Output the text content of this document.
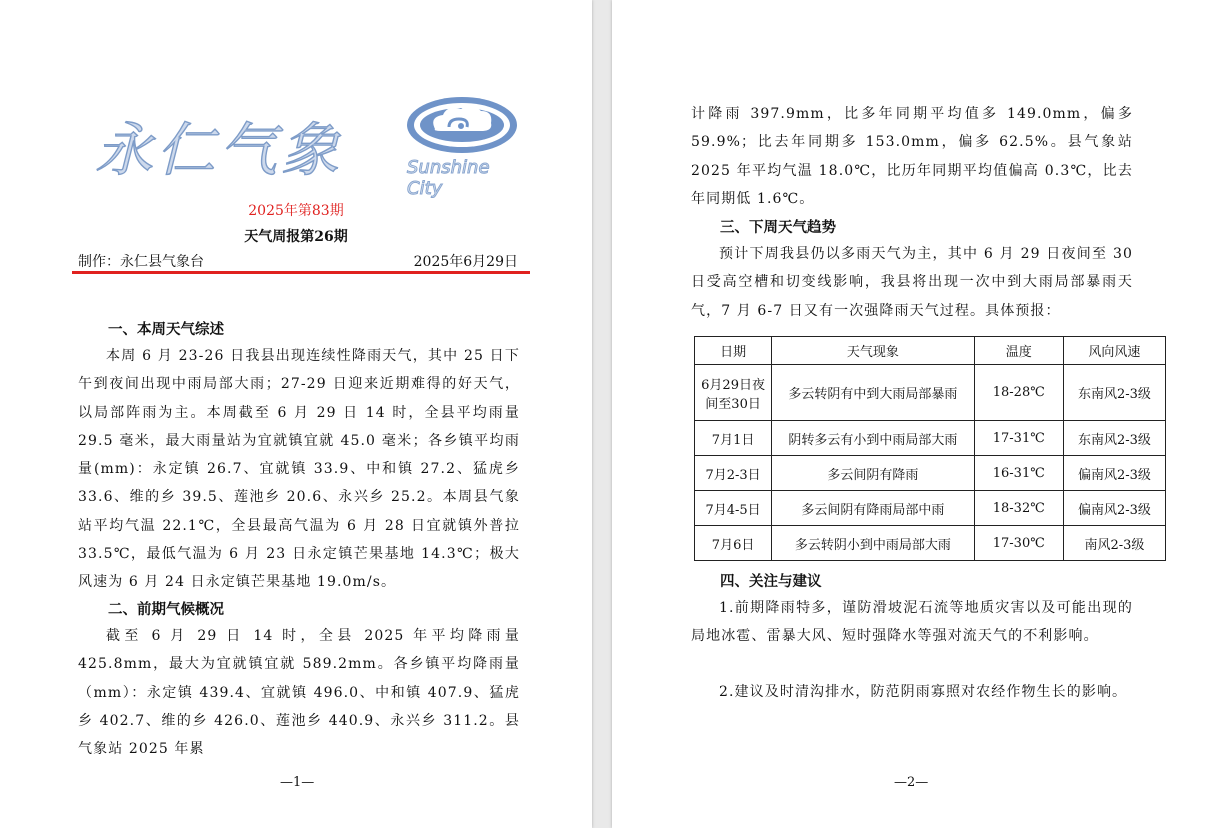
永仁气象	Sunshine City
2025年第83期
天气周报第26期
制作：永仁县气象台	2025年6月29日
一、本周天气综述
本周 6 月 23-26 日我县出现连续性降雨天气，其中 25 日下午到夜间出现中雨局部大雨；27-29 日迎来近期难得的好天气，以局部阵雨为主。本周截至 6 月 29 日 14 时，全县平均雨量 29.5 毫米，最大雨量站为宜就镇宜就 45.0 毫米；各乡镇平均雨量(mm)：永定镇 26.7、宜就镇 33.9、中和镇 27.2、猛虎乡 33.6、维的乡 39.5、莲池乡 20.6、永兴乡 25.2。本周县气象站平均气温 22.1℃，全县最高气温为 6 月 28 日宜就镇外普拉 33.5℃，最低气温为 6 月 23 日永定镇芒果基地 14.3℃；极大风速为 6 月 24 日永定镇芒果基地 19.0m/s。
二、前期气候概况
截至 6 月 29 日 14 时，全县 2025 年平均降雨量 425.8mm，最大为宜就镇宜就 589.2mm。各乡镇平均降雨量（mm）：永定镇 439.4、宜就镇 496.0、中和镇 407.9、猛虎乡 402.7、维的乡 426.0、莲池乡 440.9、永兴乡 311.2。县气象站 2025 年累
—1—
计降雨 397.9mm，比多年同期平均值多 149.0mm，偏多 59.9%；比去年同期多 153.0mm，偏多 62.5%。县气象站 2025 年平均气温 18.0℃，比历年同期平均值偏高 0.3℃，比去年同期低 1.6℃。
三、下周天气趋势
预计下周我县仍以多雨天气为主，其中 6 月 29 日夜间至 30 日受高空槽和切变线影响，我县将出现一次中到大雨局部暴雨天气，7 月 6-7 日又有一次强降雨天气过程。具体预报：
日期	天气现象	温度	风向风速
6月29日夜间至30日	多云转阴有中到大雨局部暴雨	18-28℃	东南风2-3级
7月1日	阴转多云有小到中雨局部大雨	17-31℃	东南风2-3级
7月2-3日	多云间阴有降雨	16-31℃	偏南风2-3级
7月4-5日	多云间阴有降雨局部中雨	18-32℃	偏南风2-3级
7月6日	多云转阴小到中雨局部大雨	17-30℃	南风2-3级
四、关注与建议
1.前期降雨特多，谨防滑坡泥石流等地质灾害以及可能出现的局地冰雹、雷暴大风、短时强降水等强对流天气的不利影响。
2.建议及时清沟排水，防范阴雨寡照对农经作物生长的影响。
—2—
